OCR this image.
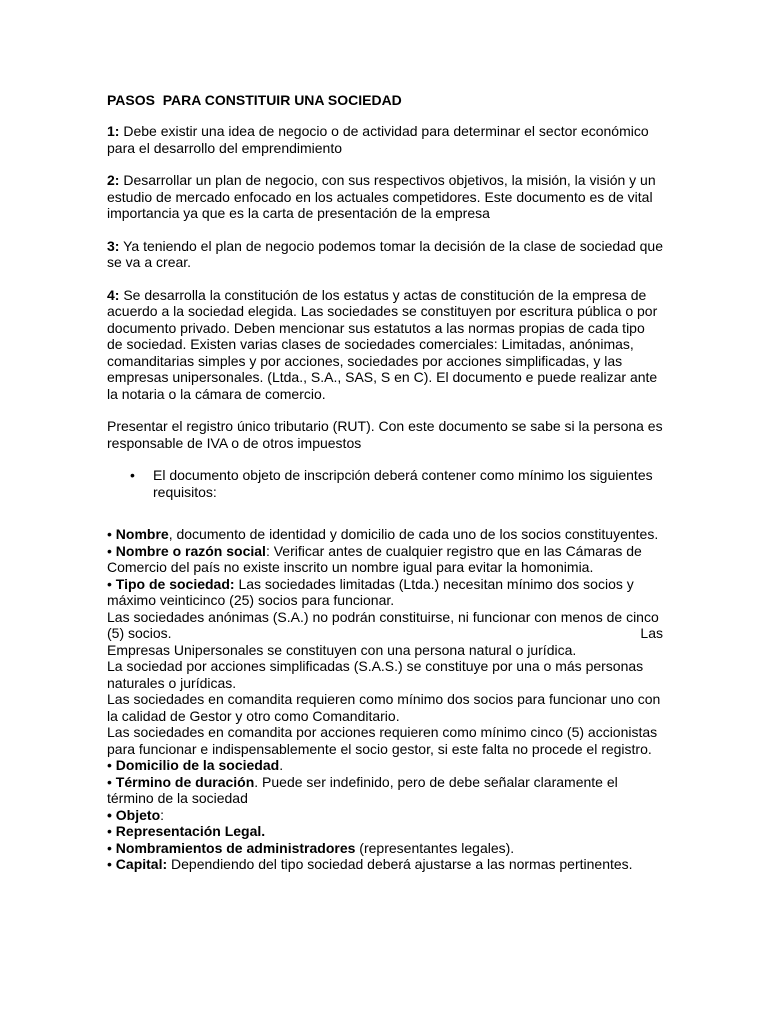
PASOS  PARA CONSTITUIR UNA SOCIEDAD

1: Debe existir una idea de negocio o de actividad para determinar el sector económico para el desarrollo del emprendimiento

2: Desarrollar un plan de negocio, con sus respectivos objetivos, la misión, la visión y un estudio de mercado enfocado en los actuales competidores. Este documento es de vital importancia ya que es la carta de presentación de la empresa

3: Ya teniendo el plan de negocio podemos tomar la decisión de la clase de sociedad que se va a crear.

4: Se desarrolla la constitución de los estatus y actas de constitución de la empresa de acuerdo a la sociedad elegida. Las sociedades se constituyen por escritura pública o por documento privado. Deben mencionar sus estatutos a las normas propias de cada tipo de sociedad. Existen varias clases de sociedades comerciales: Limitadas, anónimas, comanditarias simples y por acciones, sociedades por acciones simplificadas, y las empresas unipersonales. (Ltda., S.A., SAS, S en C). El documento e puede realizar ante la notaria o la cámara de comercio.

Presentar el registro único tributario (RUT). Con este documento se sabe si la persona es responsable de IVA o de otros impuestos

• El documento objeto de inscripción deberá contener como mínimo los siguientes requisitos:

• Nombre, documento de identidad y domicilio de cada uno de los socios constituyentes.

• Nombre o razón social: Verificar antes de cualquier registro que en las Cámaras de Comercio del país no existe inscrito un nombre igual para evitar la homonimia.

• Tipo de sociedad: Las sociedades limitadas (Ltda.) necesitan mínimo dos socios y máximo veinticinco (25) socios para funcionar.

Las sociedades anónimas (S.A.) no podrán constituirse, ni funcionar con menos de cinco

(5) socios.	Las

Empresas Unipersonales se constituyen con una persona natural o jurídica.

La sociedad por acciones simplificadas (S.A.S.) se constituye por una o más personas naturales o jurídicas.

Las sociedades en comandita requieren como mínimo dos socios para funcionar uno con la calidad de Gestor y otro como Comanditario.

Las sociedades en comandita por acciones requieren como mínimo cinco (5) accionistas para funcionar e indispensablemente el socio gestor, si este falta no procede el registro.

• Domicilio de la sociedad.

• Término de duración. Puede ser indefinido, pero de debe señalar claramente el término de la sociedad

• Objeto:

• Representación Legal.

• Nombramientos de administradores (representantes legales).

• Capital: Dependiendo del tipo sociedad deberá ajustarse a las normas pertinentes.
